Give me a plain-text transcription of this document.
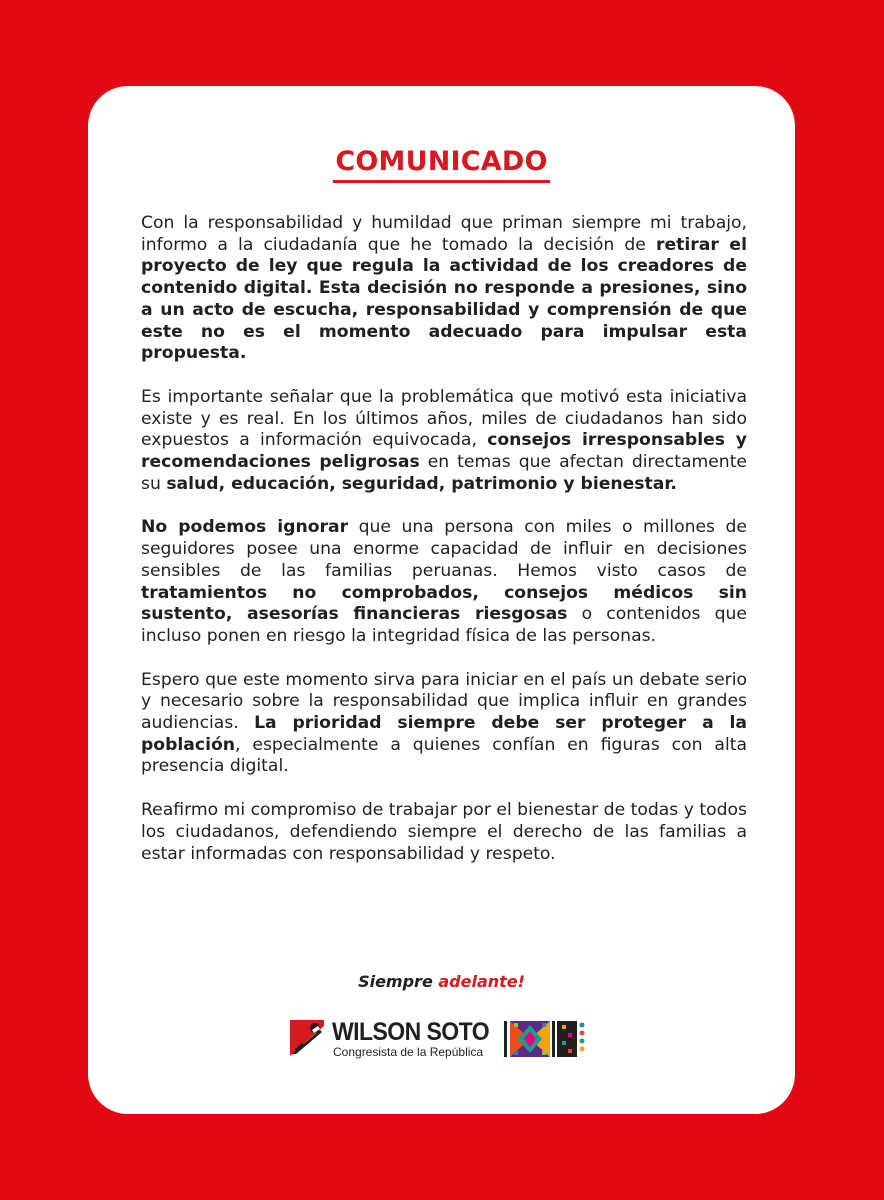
COMUNICADO

Con la responsabilidad y humildad que priman siempre mi trabajo, informo a la ciudadanía que he tomado la decisión de retirar el proyecto de ley que regula la actividad de los creadores de contenido digital. Esta decisión no responde a presiones, sino a un acto de escucha, responsabilidad y comprensión de que este no es el momento adecuado para impulsar esta propuesta.

Es importante señalar que la problemática que motivó esta iniciativa existe y es real. En los últimos años, miles de ciudadanos han sido expuestos a información equivocada, consejos irresponsables y recomendaciones peligrosas en temas que afectan directamente su salud, educación, seguridad, patrimonio y bienestar.

No podemos ignorar que una persona con miles o millones de seguidores posee una enorme capacidad de influir en decisiones sensibles de las familias peruanas. Hemos visto casos de tratamientos no comprobados, consejos médicos sin sustento, asesorías financieras riesgosas o contenidos que incluso ponen en riesgo la integridad física de las personas.

Espero que este momento sirva para iniciar en el país un debate serio y necesario sobre la responsabilidad que implica influir en grandes audiencias. La prioridad siempre debe ser proteger a la población, especialmente a quienes confían en figuras con alta presencia digital.

Reafirmo mi compromiso de trabajar por el bienestar de todas y todos los ciudadanos, defendiendo siempre el derecho de las familias a estar informadas con responsabilidad y respeto.

Siempre adelante!
WILSON SOTO
Congresista de la República
